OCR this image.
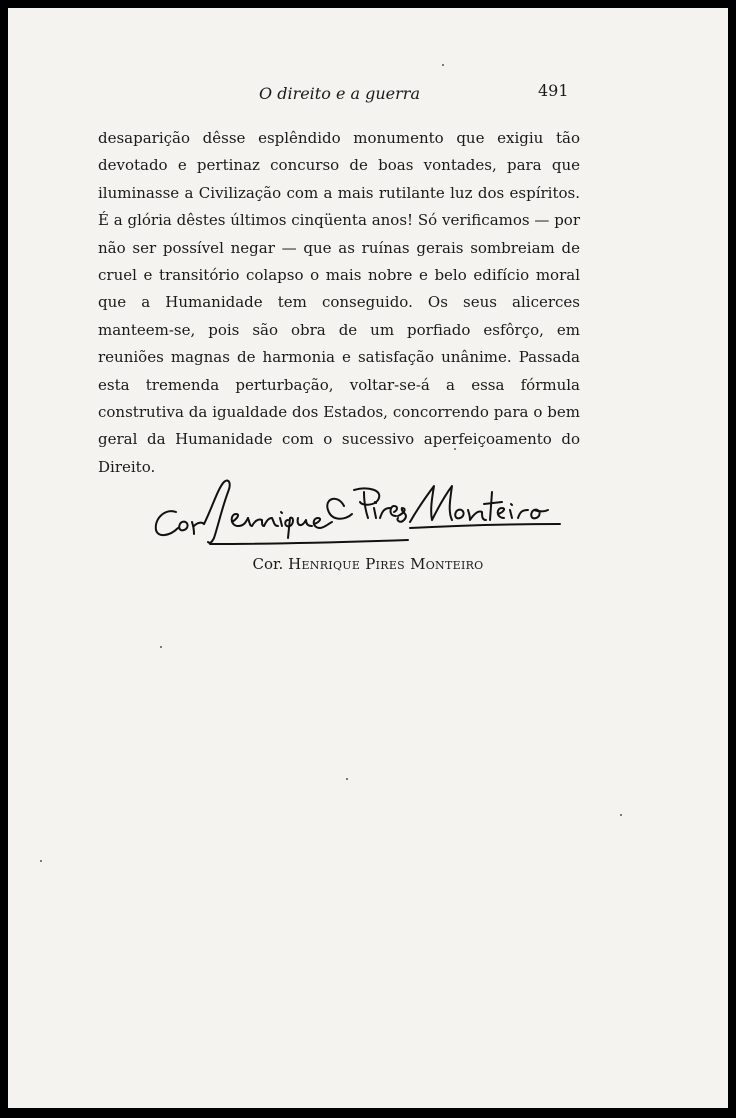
O direito e a guerra	491

desaparição dêsse esplêndido monumento que exigiu tão devotado e pertinaz concurso de boas vontades, para que iluminasse a Civilização com a mais rutilante luz dos espíritos. É a glória dêstes últimos cinqüenta anos! Só verificamos — por não ser possível negar — que as ruínas gerais sombreiam de cruel e transitório colapso o mais nobre e belo edifício moral que a Humanidade tem conseguido. Os seus alicerces manteem-se, pois são obra de um porfiado esfôrço, em reuniões magnas de harmonia e satisfação unânime. Passada esta tremenda perturbação, voltar-se-á a essa fórmula construtiva da igualdade dos Estados, concorrendo para o bem geral da Humanidade com o sucessivo aperfeiçoamento do Direito.

Cor. Henrique Pires Monteiro
